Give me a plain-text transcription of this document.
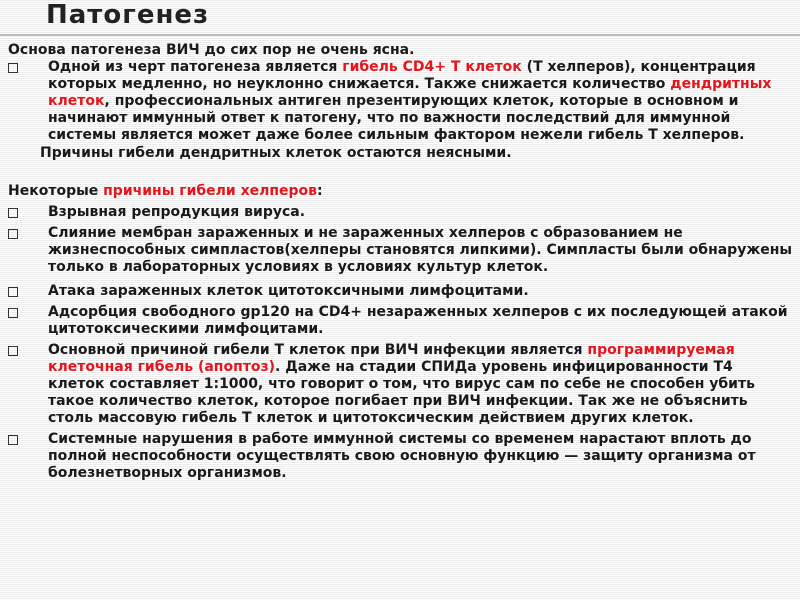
Патогенез

Основа патогенеза ВИЧ до сих пор не очень ясна.

Одной из черт патогенеза является гибель CD4+ T клеток (Т хелперов), концентрация которых медленно, но неуклонно снижается. Также снижается количество дендритных клеток, профессиональных антиген презентирующих клеток, которые в основном и начинают иммунный ответ к патогену, что по важности последствий для иммунной системы является может даже более сильным фактором нежели гибель Т хелперов.

Причины гибели дендритных клеток остаются неясными.

Некоторые причины гибели хелперов:

Взрывная репродукция вируса.
Слияние мембран зараженных и не зараженных хелперов с образованием не жизнеспособных симпластов(хелперы становятся липкими). Симпласты были обнаружены только в лабораторных условиях в условиях культур клеток.
Атака зараженных клеток цитотоксичными лимфоцитами.
Адсорбция свободного gp120 на CD4+ незараженных хелперов с их последующей атакой цитотоксическими лимфоцитами.
Основной причиной гибели Т клеток при ВИЧ инфекции является программируемая клеточная гибель (апоптоз). Даже на стадии СПИДа уровень инфицированности Т4 клеток составляет 1:1000, что говорит о том, что вирус сам по себе не способен убить такое количество клеток, которое погибает при ВИЧ инфекции. Так же не объяснить столь массовую гибель Т клеток и цитотоксическим действием других клеток.
Системные нарушения в работе иммунной системы со временем нарастают вплоть до полной неспособности осуществлять свою основную функцию — защиту организма от болезнетворных организмов.
